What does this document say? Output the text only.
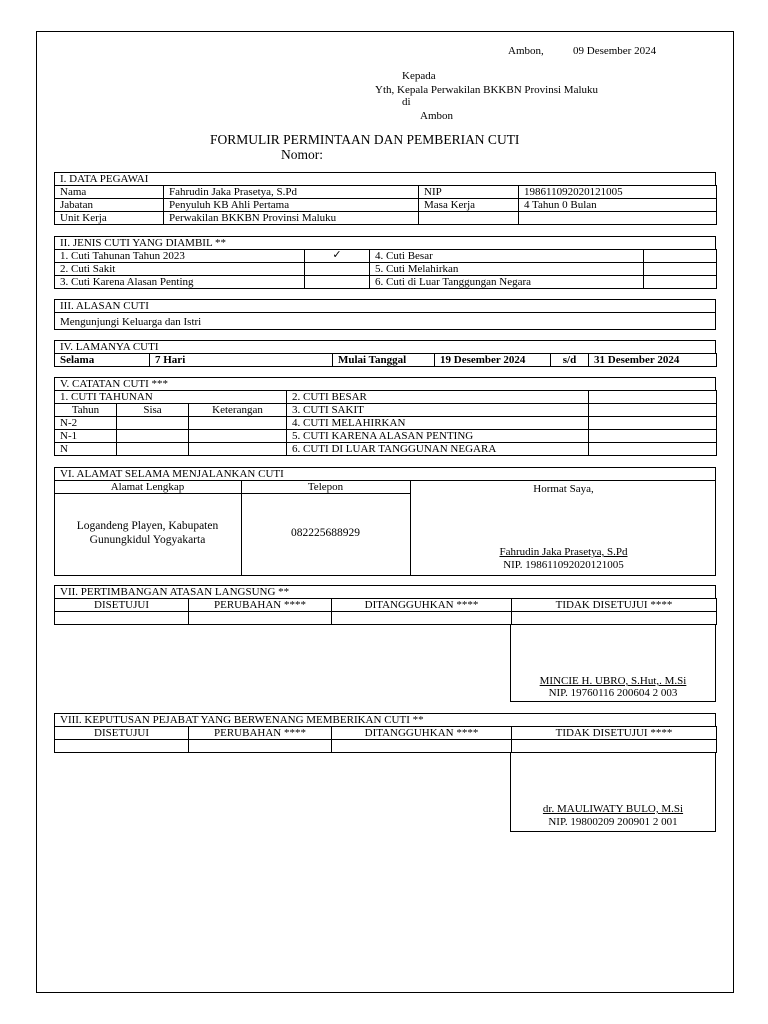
Ambon,	09 Desember 2024
Kepada
Yth, Kepala Perwakilan BKKBN Provinsi Maluku
di
Ambon
FORMULIR PERMINTAAN DAN PEMBERIAN CUTI
Nomor:
I. DATA PEGAWAI
Nama	Fahrudin Jaka Prasetya, S.Pd	NIP	198611092020121005
Jabatan	Penyuluh KB Ahli Pertama	Masa Kerja	4 Tahun 0 Bulan
Unit Kerja	Perwakilan BKKBN Provinsi Maluku		
II. JENIS CUTI YANG DIAMBIL **
1. Cuti Tahunan Tahun 2023	✓	4. Cuti Besar	
2. Cuti Sakit		5. Cuti Melahirkan	
3. Cuti Karena Alasan Penting		6. Cuti di Luar Tanggungan Negara	
III. ALASAN CUTI
Mengunjungi Keluarga dan Istri
IV. LAMANYA CUTI
Selama	7 Hari	Mulai Tanggal	19 Desember 2024	s/d	31 Desember 2024
V. CATATAN CUTI ***
1. CUTI TAHUNAN			2. CUTI BESAR	
Tahun	Sisa	Keterangan	3. CUTI SAKIT	
N-2			4. CUTI MELAHIRKAN	
N-1			5. CUTI KARENA ALASAN PENTING	
N			6. CUTI DI LUAR TANGGUNAN NEGARA	
VI. ALAMAT SELAMA MENJALANKAN CUTI
Alamat Lengkap	Telepon
Logandeng Playen, Kabupaten
Gunungkidul Yogyakarta
082225688929
Hormat Saya,
Fahrudin Jaka Prasetya, S.Pd
NIP. 198611092020121005
VII. PERTIMBANGAN ATASAN LANGSUNG **
DISETUJUI	PERUBAHAN ****	DITANGGUHKAN ****	TIDAK DISETUJUI ****

MINCIE H. UBRO, S.Hut,. M.Si
NIP. 19760116 200604 2 003
VIII. KEPUTUSAN PEJABAT YANG BERWENANG MEMBERIKAN CUTI **
DISETUJUI	PERUBAHAN ****	DITANGGUHKAN ****	TIDAK DISETUJUI ****

dr. MAULIWATY BULO, M.Si
NIP. 19800209 200901 2 001
